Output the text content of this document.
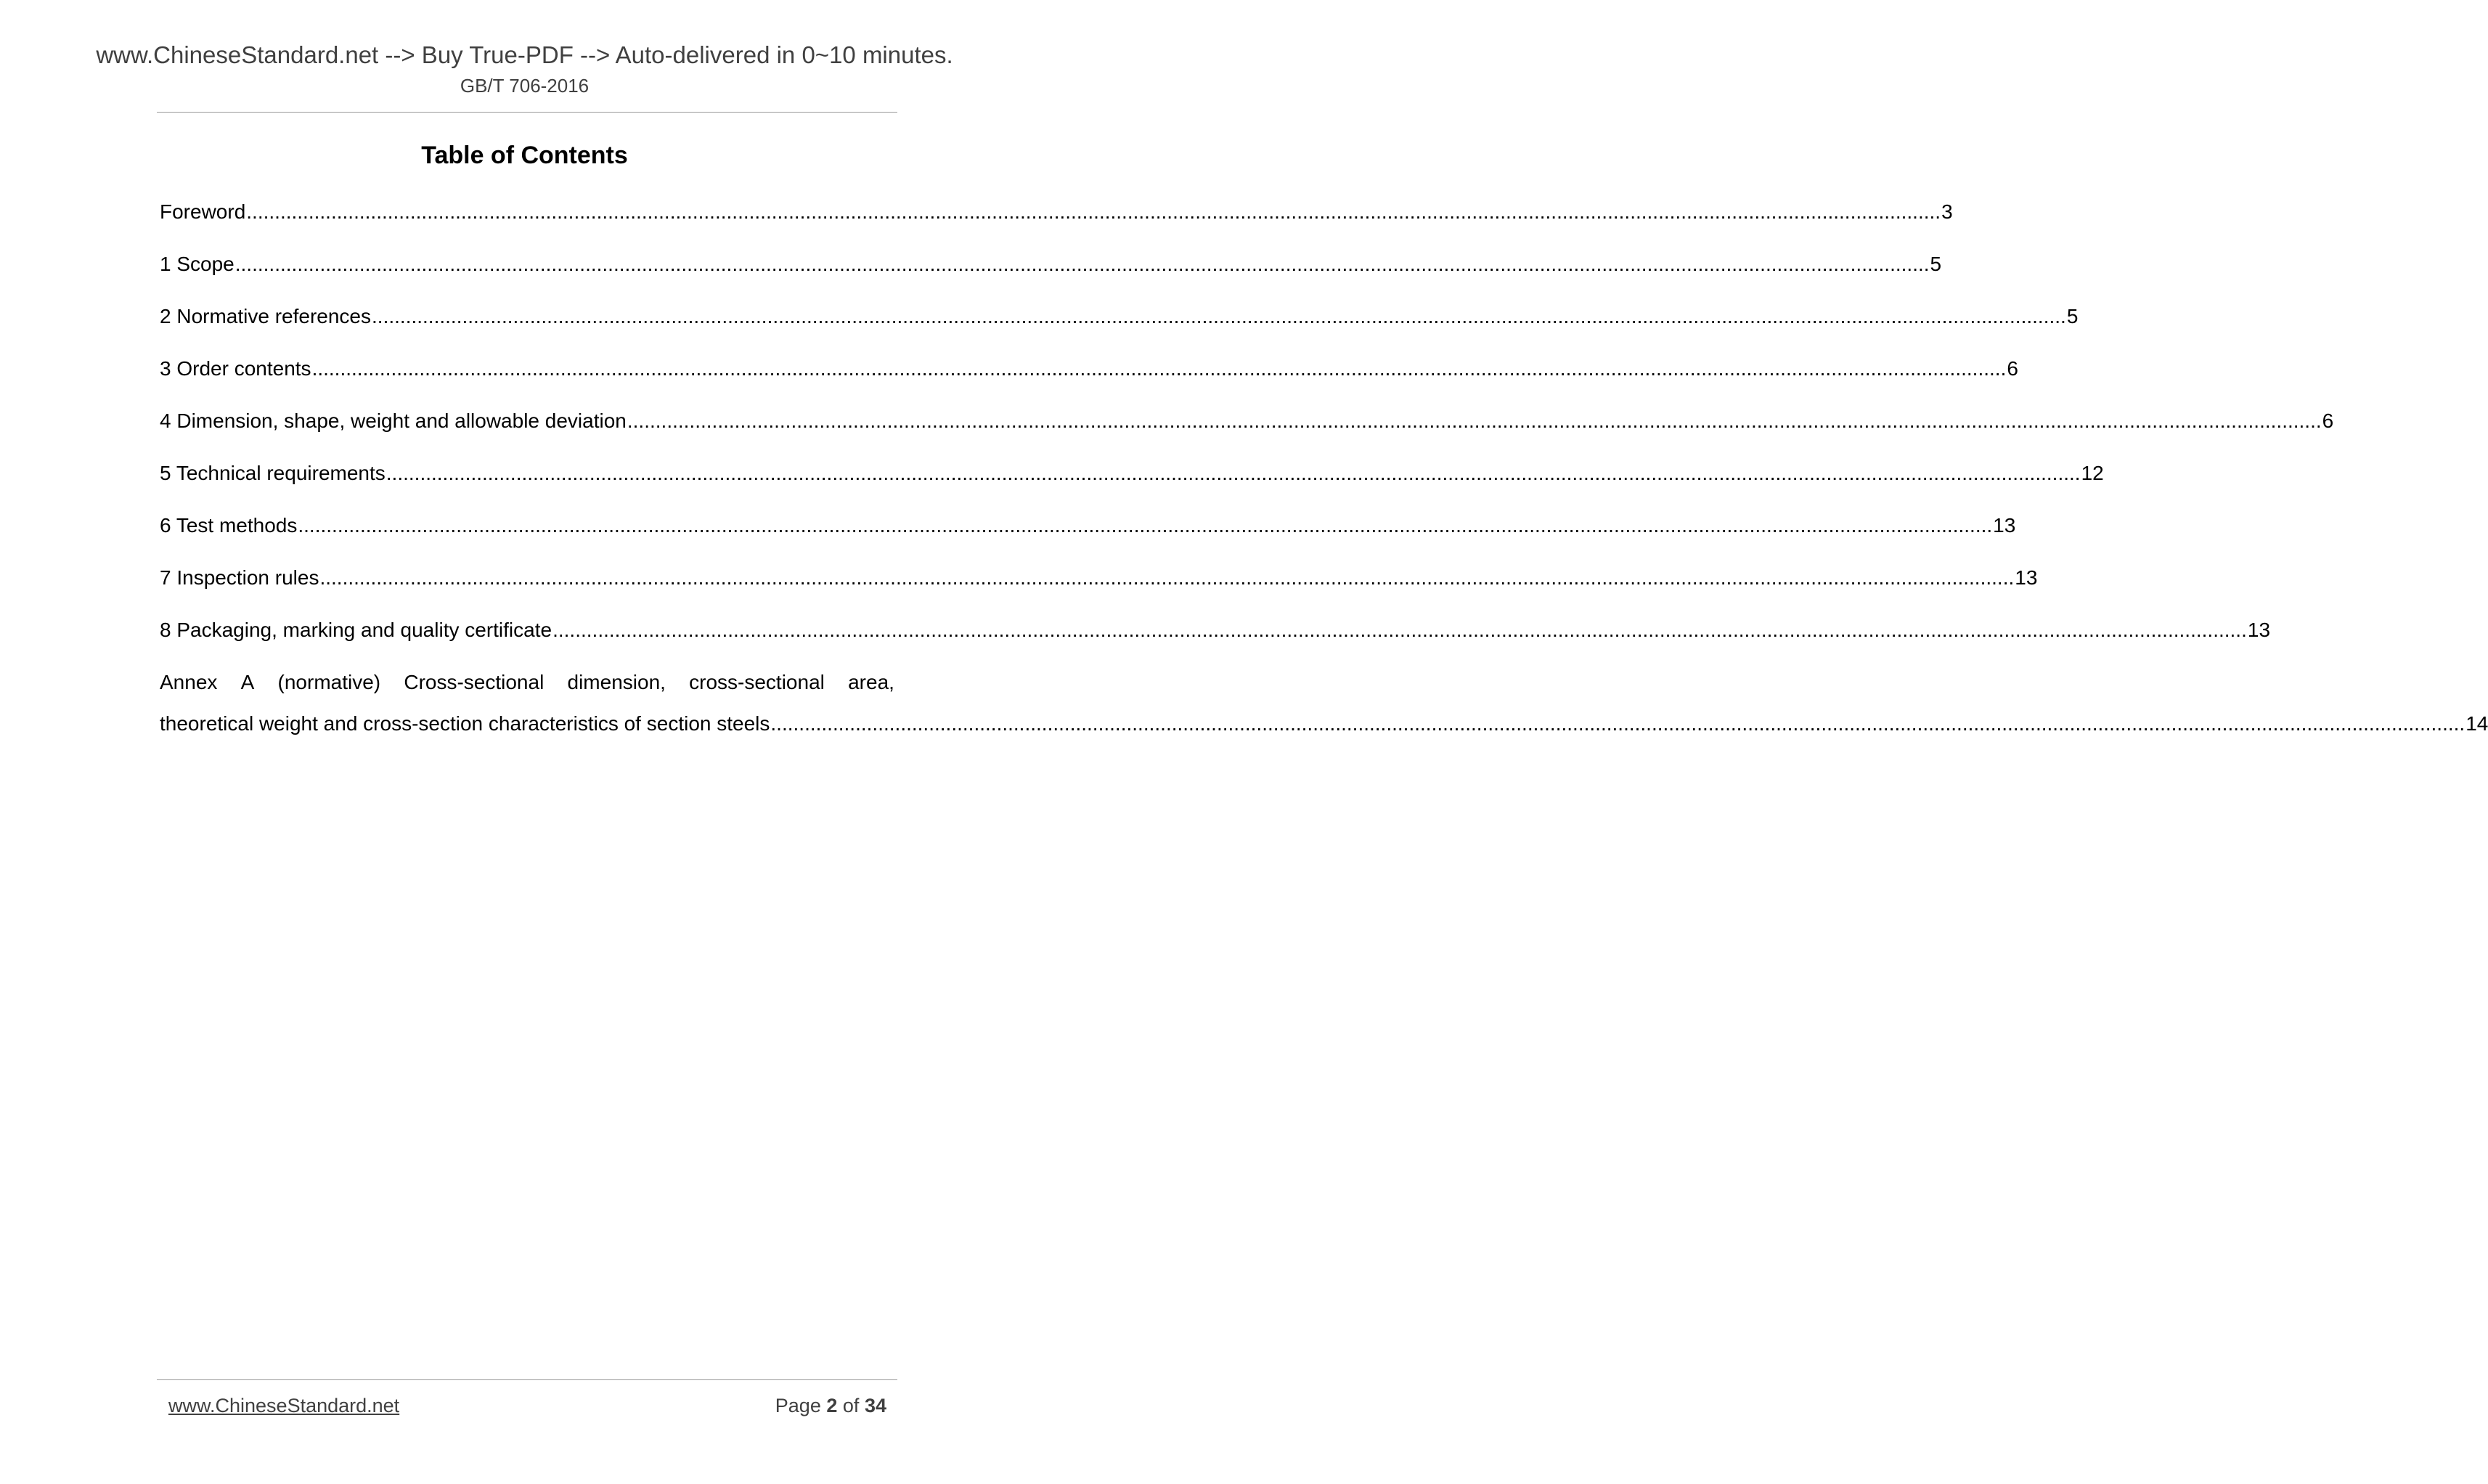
www.ChineseStandard.net --> Buy True-PDF --> Auto-delivered in 0~10 minutes.
GB/T 706-2016
Table of Contents
Foreword ............................................................................................................................................................................................................................................................................................................ 3
1 Scope ............................................................................................................................................................................................................................................................................................................ 5
2 Normative references ............................................................................................................................................................................................................................................................................................................ 5
3 Order contents ............................................................................................................................................................................................................................................................................................................ 6
4 Dimension, shape, weight and allowable deviation ............................................................................................................................................................................................................................................................................................................ 6
5 Technical requirements ............................................................................................................................................................................................................................................................................................................ 12
6 Test methods ............................................................................................................................................................................................................................................................................................................ 13
7 Inspection rules ............................................................................................................................................................................................................................................................................................................ 13
8 Packaging, marking and quality certificate ............................................................................................................................................................................................................................................................................................................ 13
Annex A (normative) Cross-sectional dimension, cross-sectional area,
theoretical weight and cross-section characteristics of section steels ............................................................................................................................................................................................................................................................................................................ 14
www.ChineseStandard.net	Page 2 of 34
